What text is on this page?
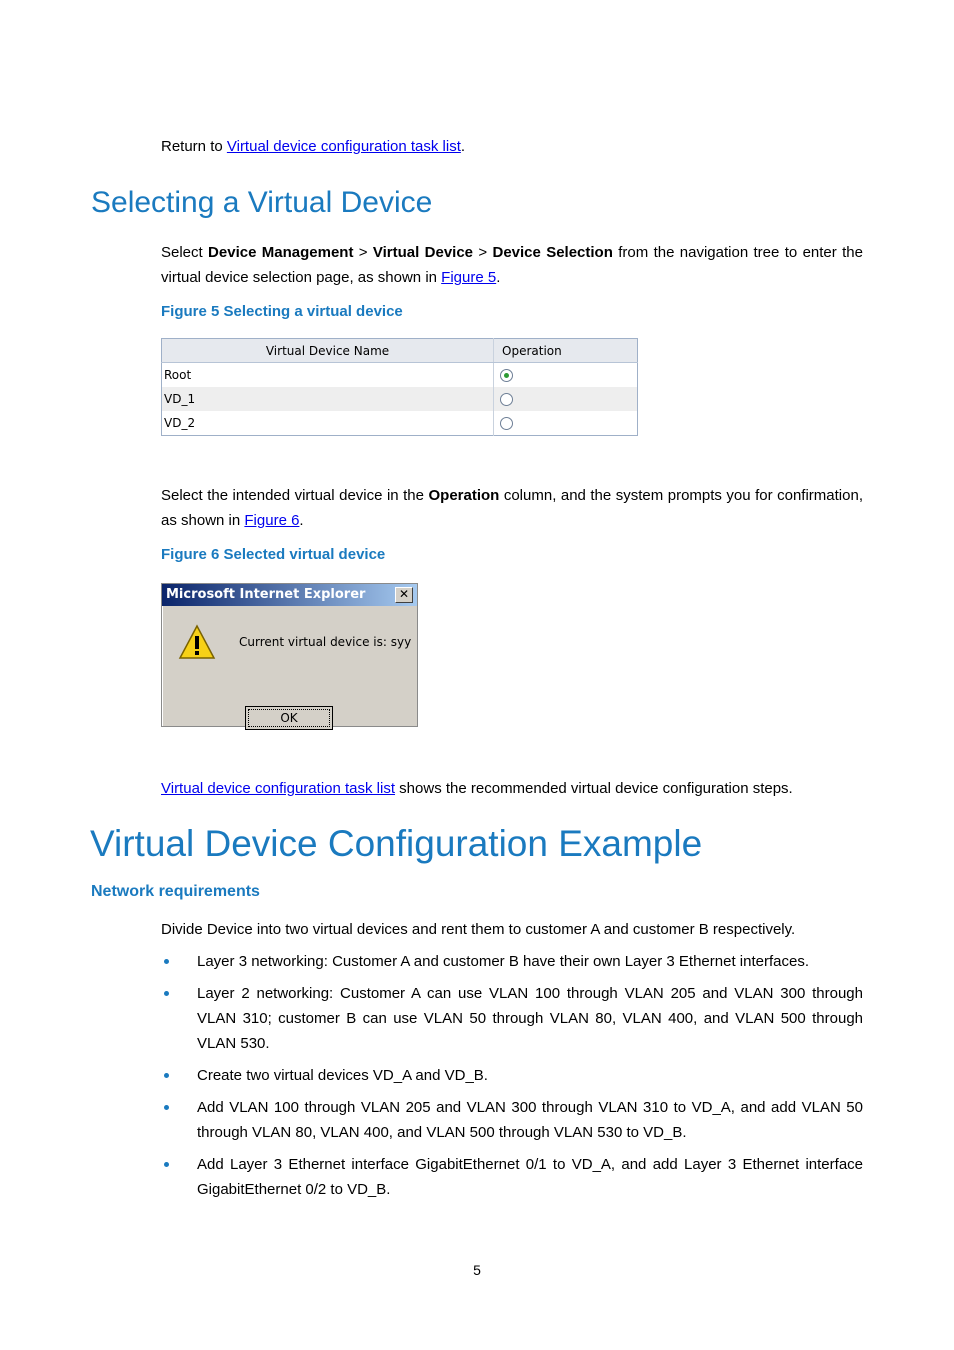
Return to Virtual device configuration task list.
Selecting a Virtual Device
Select Device Management > Virtual Device > Device Selection from the navigation tree to enter the virtual device selection page, as shown in Figure 5.
Figure 5 Selecting a virtual device
Virtual Device Name	Operation
Root	
VD_1	
VD_2	
Select the intended virtual device in the Operation column, and the system prompts you for confirmation, as shown in Figure 6.
Figure 6 Selected virtual device
Microsoft Internet Explorer	✕
Current virtual device is: syy
OK
Virtual device configuration task list shows the recommended virtual device configuration steps.
Virtual Device Configuration Example
Network requirements
Divide Device into two virtual devices and rent them to customer A and customer B respectively.
Layer 3 networking: Customer A and customer B have their own Layer 3 Ethernet interfaces.
Layer 2 networking: Customer A can use VLAN 100 through VLAN 205 and VLAN 300 through VLAN 310; customer B can use VLAN 50 through VLAN 80, VLAN 400, and VLAN 500 through VLAN 530.
Create two virtual devices VD_A and VD_B.
Add VLAN 100 through VLAN 205 and VLAN 300 through VLAN 310 to VD_A, and add VLAN 50 through VLAN 80, VLAN 400, and VLAN 500 through VLAN 530 to VD_B.
Add Layer 3 Ethernet interface GigabitEthernet 0/1 to VD_A, and add Layer 3 Ethernet interface GigabitEthernet 0/2 to VD_B.
5
